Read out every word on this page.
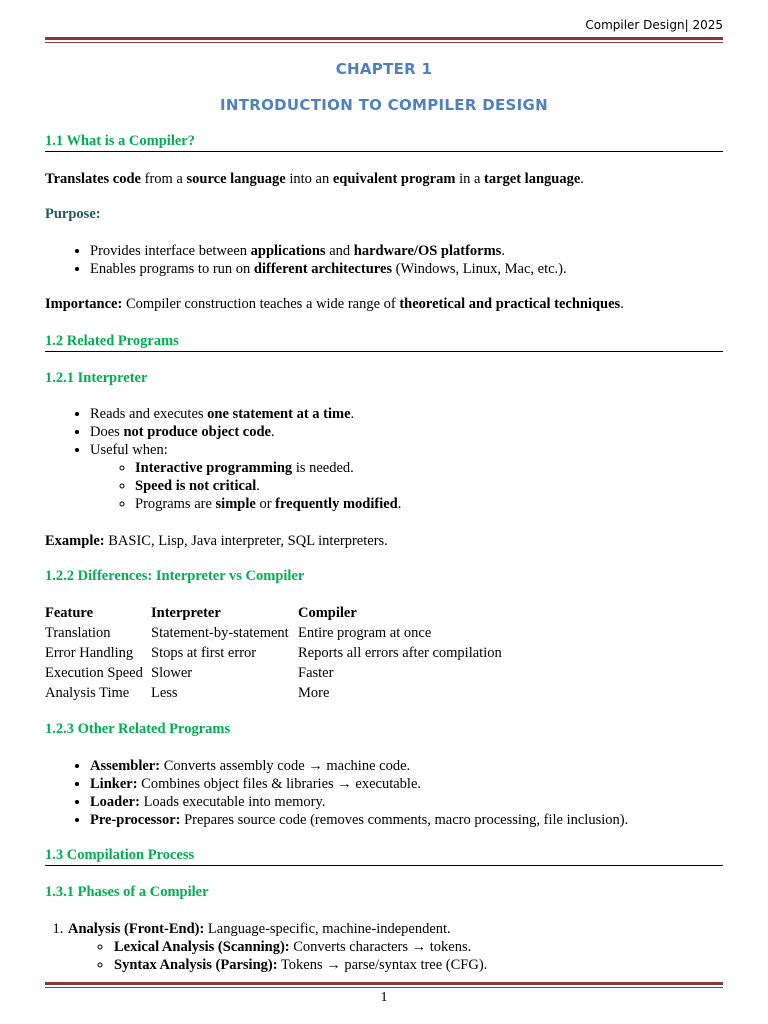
Compiler Design| 2025
CHAPTER 1
INTRODUCTION TO COMPILER DESIGN
1.1 What is a Compiler?

Translates code from a source language into an equivalent program in a target language.

Purpose:
• Provides interface between applications and hardware/OS platforms.
• Enables programs to run on different architectures (Windows, Linux, Mac, etc.).

Importance: Compiler construction teaches a wide range of theoretical and practical techniques.

1.2 Related Programs
1.2.1 Interpreter
• Reads and executes one statement at a time.
• Does not produce object code.
• Useful when:
◦ Interactive programming is needed.
◦ Speed is not critical.
◦ Programs are simple or frequently modified.

Example: BASIC, Lisp, Java interpreter, SQL interpreters.

1.2.2 Differences: Interpreter vs Compiler
Feature	Interpreter	Compiler
Translation	Statement-by-statement	Entire program at once
Error Handling	Stops at first error	Reports all errors after compilation
Execution Speed	Slower	Faster
Analysis Time	Less	More
1.2.3 Other Related Programs
• Assembler: Converts assembly code → machine code.
• Linker: Combines object files & libraries → executable.
• Loader: Loads executable into memory.
• Pre-processor: Prepares source code (removes comments, macro processing, file inclusion).
1.3 Compilation Process
1.3.1 Phases of a Compiler
1. Analysis (Front-End): Language-specific, machine-independent.
◦ Lexical Analysis (Scanning): Converts characters → tokens.
◦ Syntax Analysis (Parsing): Tokens → parse/syntax tree (CFG).
1
